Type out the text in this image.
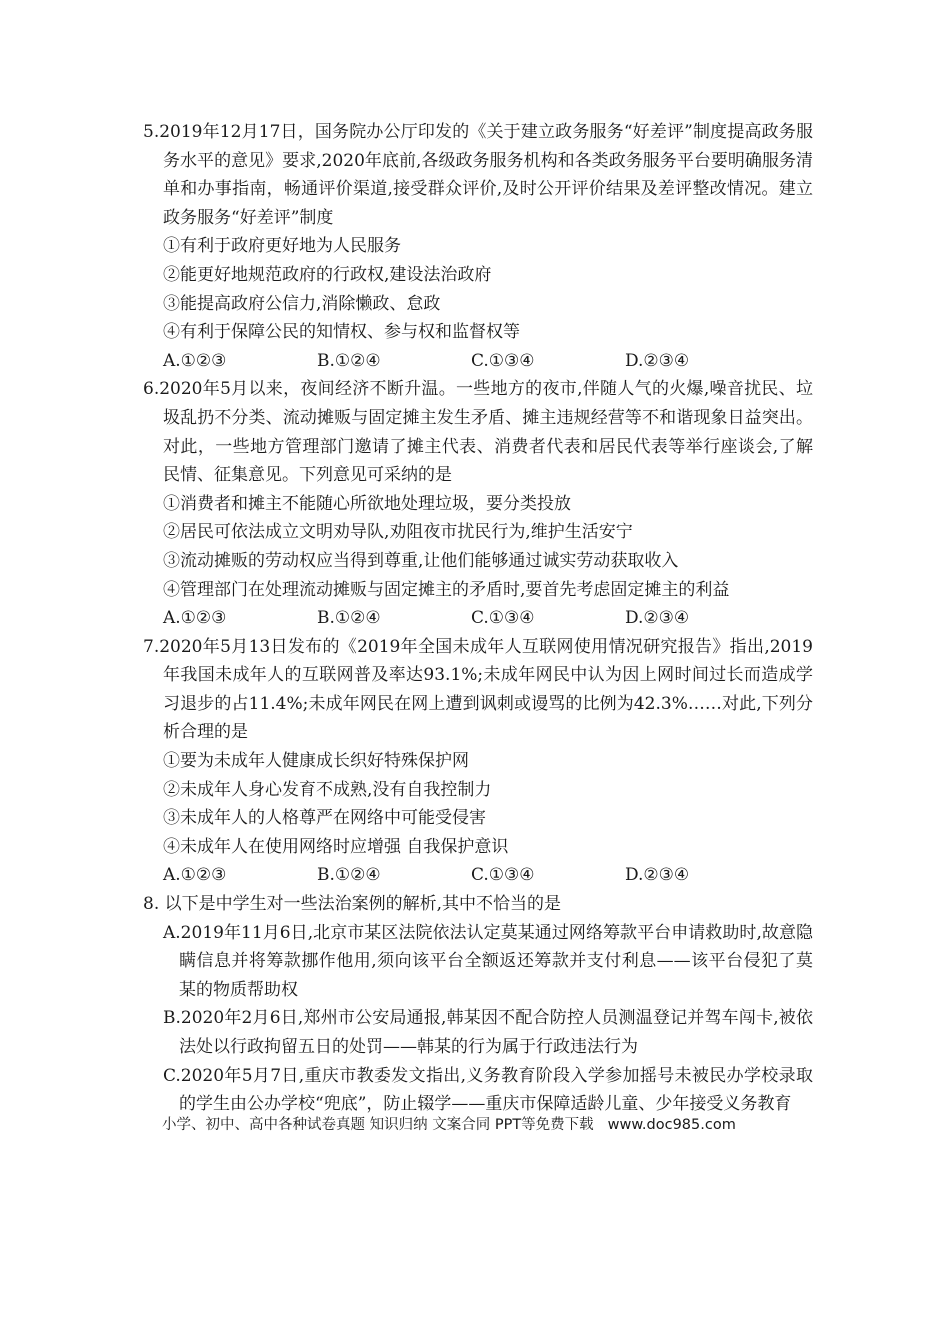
5.2019年12月17日，国务院办公厅印发的《关于建立政务服务“好差评”制度提高政务服务水平的意见》要求,2020年底前,各级政务服务机构和各类政务服务平台要明确服务清单和办事指南，畅通评价渠道,接受群众评价,及时公开评价结果及差评整改情况。建立政务服务“好差评”制度

①有利于政府更好地为人民服务

②能更好地规范政府的行政权,建设法治政府

③能提高政府公信力,消除懒政、怠政

④有利于保障公民的知情权、参与权和监督权等

A.①②③	B.①②④	C.①③④	D.②③④

6.2020年5月以来，夜间经济不断升温。一些地方的夜市,伴随人气的火爆,噪音扰民、垃圾乱扔不分类、流动摊贩与固定摊主发生矛盾、摊主违规经营等不和谐现象日益突出。对此，一些地方管理部门邀请了摊主代表、消费者代表和居民代表等举行座谈会,了解民情、征集意见。下列意见可采纳的是

①消费者和摊主不能随心所欲地处理垃圾，要分类投放

②居民可依法成立文明劝导队,劝阻夜市扰民行为,维护生活安宁

③流动摊贩的劳动权应当得到尊重,让他们能够通过诚实劳动获取收入

④管理部门在处理流动摊贩与固定摊主的矛盾时,要首先考虑固定摊主的利益

A.①②③	B.①②④	C.①③④	D.②③④

7.2020年5月13日发布的《2019年全国未成年人互联网使用情况研究报告》指出,2019年我国未成年人的互联网普及率达93.1%;未成年网民中认为因上网时间过长而造成学习退步的占11.4%;未成年网民在网上遭到讽刺或谩骂的比例为42.3%……对此,下列分析合理的是

①要为未成年人健康成长织好特殊保护网

②未成年人身心发育不成熟,没有自我控制力

③未成年人的人格尊严在网络中可能受侵害

④未成年人在使用网络时应增强 自我保护意识

A.①②③	B.①②④	C.①③④	D.②③④

8. 以下是中学生对一些法治案例的解析,其中不恰当的是

A.2019年11月6日,北京市某区法院依法认定莫某通过网络筹款平台申请救助时,故意隐瞒信息并将筹款挪作他用,须向该平台全额返还筹款并支付利息——该平台侵犯了莫某的物质帮助权

B.2020年2月6日,郑州市公安局通报,韩某因不配合防控人员测温登记并驾车闯卡,被依法处以行政拘留五日的处罚——韩某的行为属于行政违法行为

C.2020年5月7日,重庆市教委发文指出,义务教育阶段入学参加摇号未被民办学校录取的学生由公办学校“兜底”，防止辍学——重庆市保障适龄儿童、少年接受义务教育

小学、初中、高中各种试卷真题 知识归纳 文案合同 PPT等免费下载 www.doc985.com
